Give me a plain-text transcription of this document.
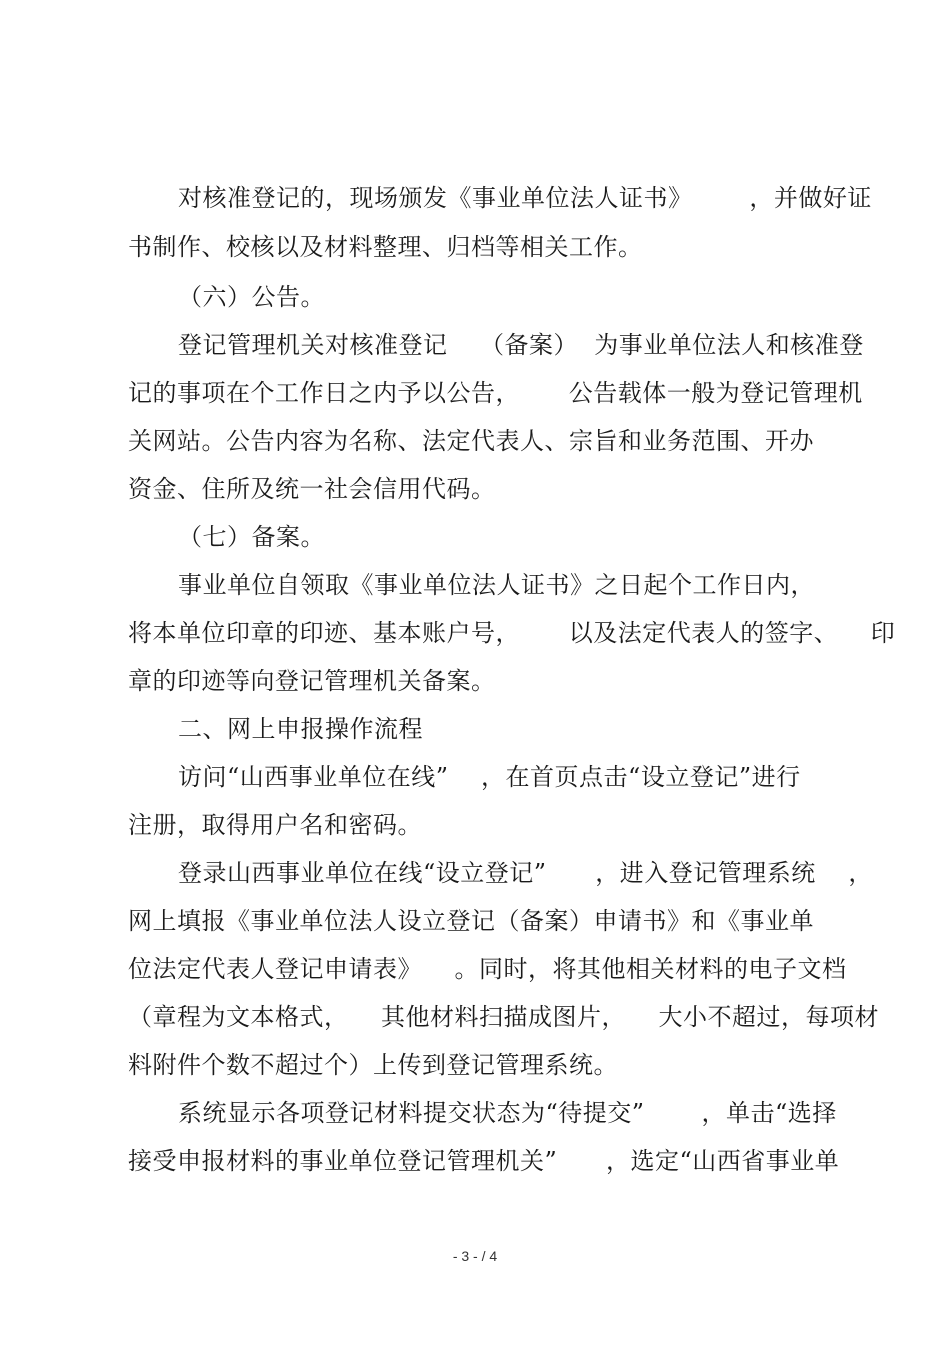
对核准登记的，现场颁发《事业单位法人证书》       ，并做好证
书制作、校核以及材料整理、归档等相关工作。
（六）公告。
登记管理机关对核准登记    （备案）  为事业单位法人和核准登
记的事项在个工作日之内予以公告，      公告载体一般为登记管理机
关网站。公告内容为名称、法定代表人、宗旨和业务范围、开办
资金、住所及统一社会信用代码。
（七）备案。
事业单位自领取《事业单位法人证书》之日起个工作日内，
将本单位印章的印迹、基本账户号，      以及法定代表人的签字、    印
章的印迹等向登记管理机关备案。
二、网上申报操作流程
访问“山西事业单位在线”    ，在首页点击“设立登记”进行
注册，取得用户名和密码。
登录山西事业单位在线“设立登记”      ，进入登记管理系统    ，
网上填报《事业单位法人设立登记（备案）申请书》和《事业单
位法定代表人登记申请表》    。同时，将其他相关材料的电子文档
（章程为文本格式，    其他材料扫描成图片，    大小不超过，每项材
料附件个数不超过个）上传到登记管理系统。
系统显示各项登记材料提交状态为“待提交”       ，单击“选择
接受申报材料的事业单位登记管理机关”      ，选定“山西省事业单
- 3 - / 4
